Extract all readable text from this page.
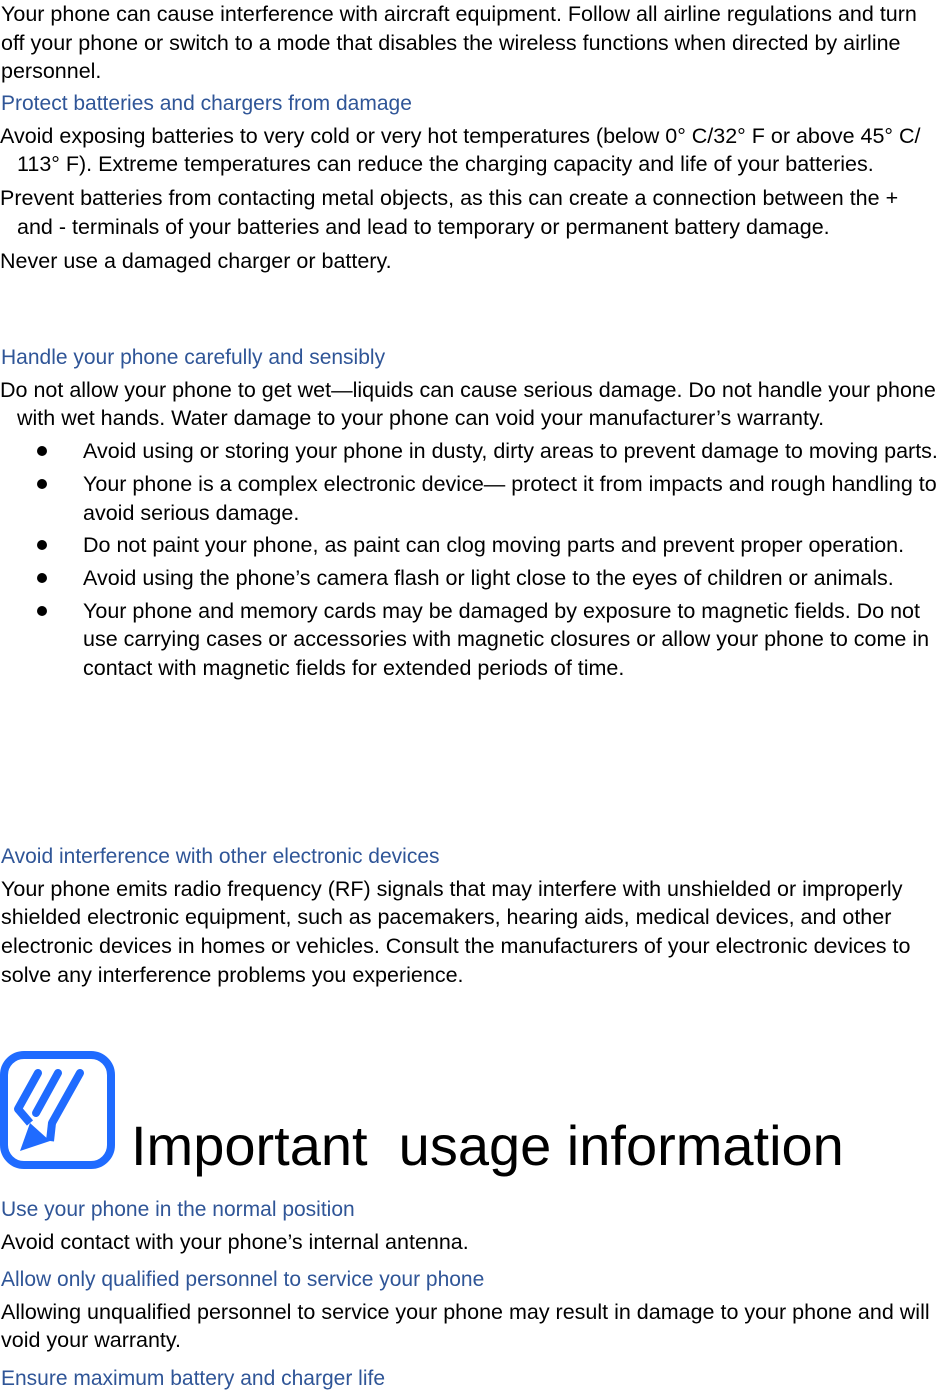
Your phone can cause interference with aircraft equipment. Follow all airline regulations and turn off your phone or switch to a mode that disables the wireless functions when directed by airline personnel.

Protect batteries and chargers from damage

Avoid exposing batteries to very cold or very hot temperatures (below 0° C/32° F or above 45° C/ 113° F). Extreme temperatures can reduce the charging capacity and life of your batteries.

Prevent batteries from contacting metal objects, as this can create a connection between the + and - terminals of your batteries and lead to temporary or permanent battery damage.

Never use a damaged charger or battery.

Handle your phone carefully and sensibly

Do not allow your phone to get wet—liquids can cause serious damage. Do not handle your phone with wet hands. Water damage to your phone can void your manufacturer’s warranty.

Avoid using or storing your phone in dusty, dirty areas to prevent damage to moving parts.
Your phone is a complex electronic device— protect it from impacts and rough handling to avoid serious damage.
Do not paint your phone, as paint can clog moving parts and prevent proper operation.
Avoid using the phone’s camera flash or light close to the eyes of children or animals.
Your phone and memory cards may be damaged by exposure to magnetic fields. Do not use carrying cases or accessories with magnetic closures or allow your phone to come in contact with magnetic fields for extended periods of time.

Avoid interference with other electronic devices

Your phone emits radio frequency (RF) signals that may interfere with unshielded or improperly shielded electronic equipment, such as pacemakers, hearing aids, medical devices, and other electronic devices in homes or vehicles. Consult the manufacturers of your electronic devices to solve any interference problems you experience.

Important  usage information

Use your phone in the normal position

Avoid contact with your phone’s internal antenna.

Allow only qualified personnel to service your phone

Allowing unqualified personnel to service your phone may result in damage to your phone and will void your warranty.

Ensure maximum battery and charger life
